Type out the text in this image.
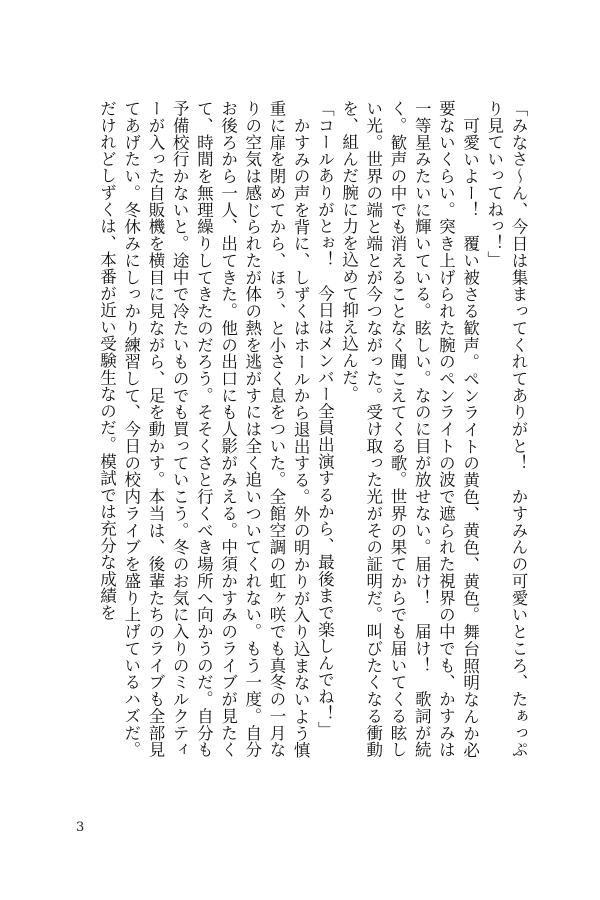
「みなさ〜ん、今日は集まってくれてありがと！　かすみんの可愛いところ、たぁっぷり見ていってねっ！」

可愛いよー！　覆い被さる歓声。ペンライトの黄色、黄色、黄色。舞台照明なんか必要ないくらい。突き上げられた腕のペンライトの波で遮られた視界の中でも、かすみは一等星みたいに輝いている。眩しい。なのに目が放せない。届け！　届け！　歌詞が続く。歓声の中でも消えることなく聞こえてくる歌。世界の果てからでも届いてくる眩しい光。世界の端と端とが今つながった。受け取った光がその証明だ。叫びたくなる衝動を、組んだ腕に力を込めて抑え込んだ。

「コールありがとぉ！　今日はメンバー全員出演するから、最後まで楽しんでね！」

かすみの声を背に、しずくはホールから退出する。外の明かりが入り込まないよう慎重に扉を閉めてから、ほぅ、と小さく息をついた。全館空調の虹ヶ咲でも真冬の一月なりの空気は感じられたが体の熱を逃がすには全く追いついてくれない。もう一度。自分お後ろから一人、出てきた。他の出口にも人影がみえる。中須かすみのライブが見たくて、時間を無理繰りしてきたのだろう。そそくさと行くべき場所へ向かうのだ。自分も予備校行かないと。途中で冷たいものでも買っていこう。冬のお気に入りのミルクティーが入った自販機を横目に見ながら、足を動かす。本当は、後輩たちのライブも全部見てあげたい。冬休みにしっかり練習して、今日の校内ライブを盛り上げているハズだ。だけれどしずくは、本番が近い受験生なのだ。模試では充分な成績を

3
